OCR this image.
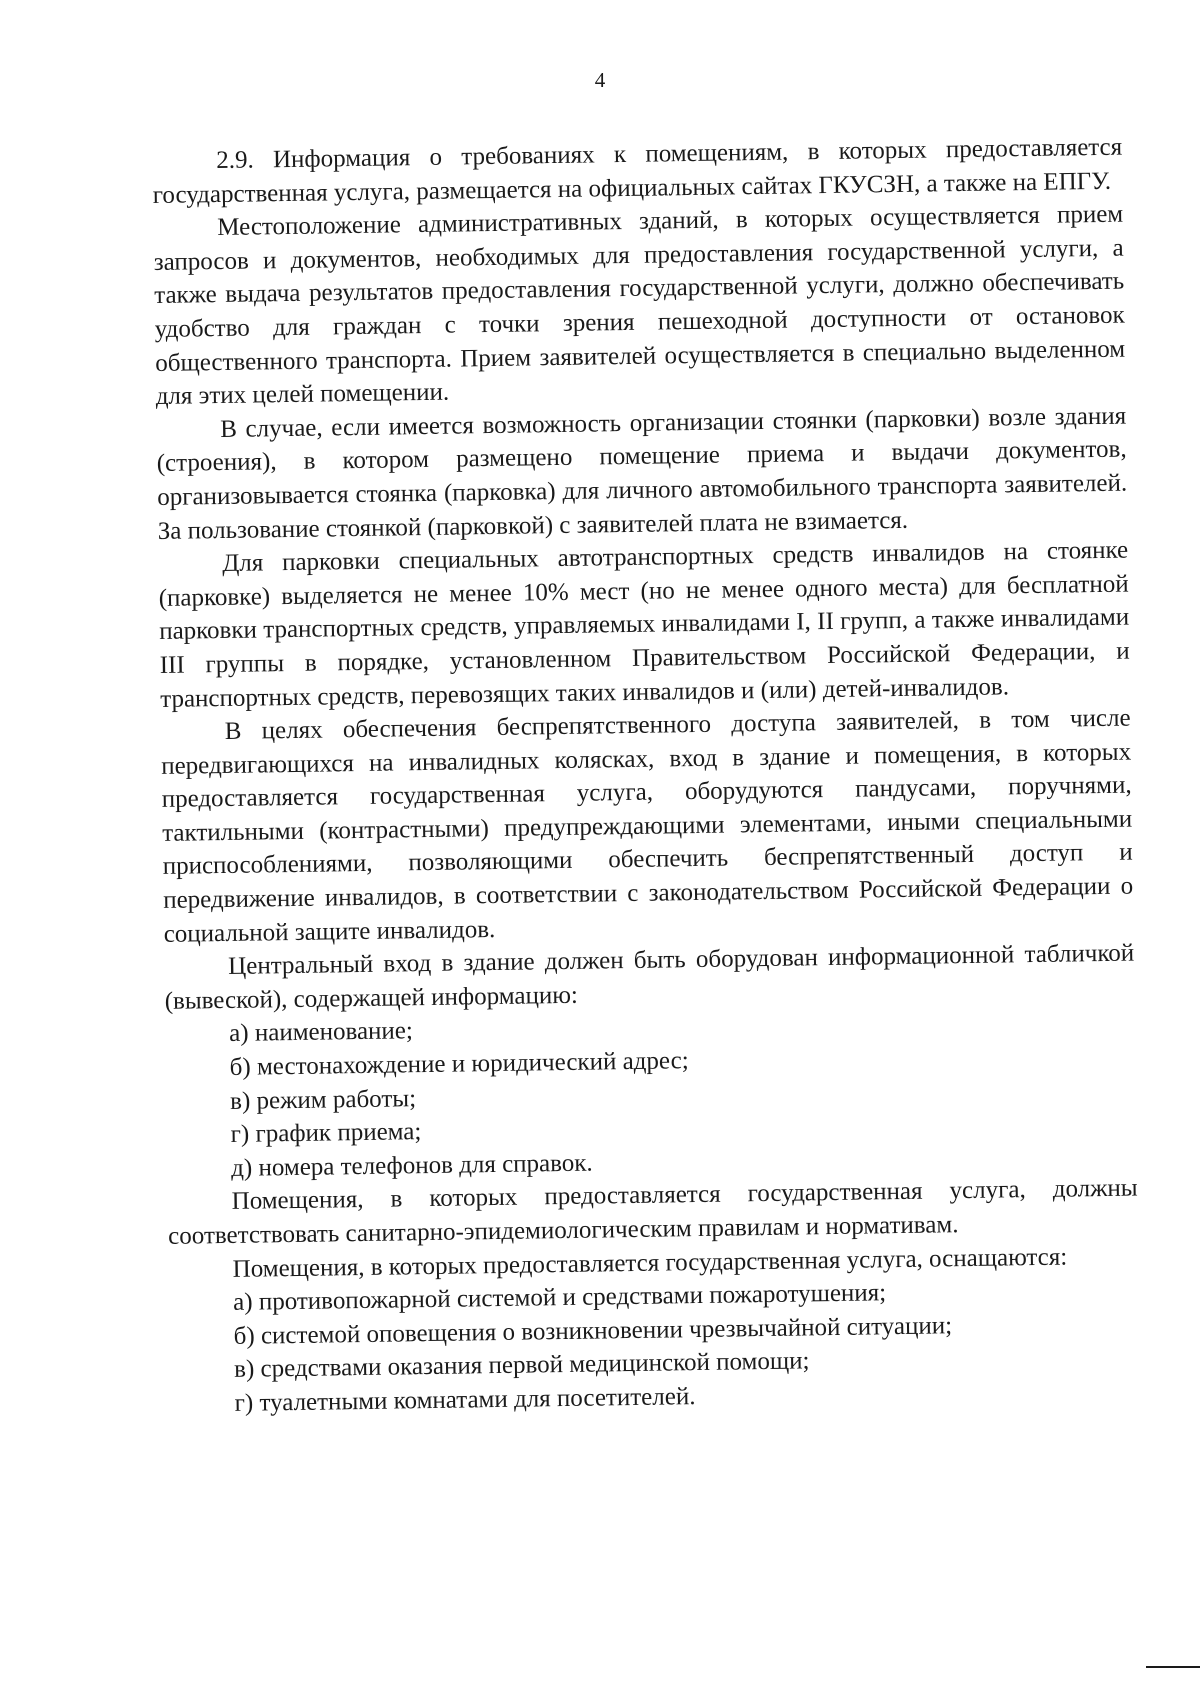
4

2.9. Информация о требованиях к помещениям, в которых предоставляется государственная услуга, размещается на официальных сайтах ГКУСЗН, а также на ЕПГУ.

Местоположение административных зданий, в которых осуществляется прием запросов и документов, необходимых для предоставления государственной услуги, а также выдача результатов предоставления государственной услуги, должно обеспечивать удобство для граждан с точки зрения пешеходной доступности от остановок общественного транспорта. Прием заявителей осуществляется в специально выделенном для этих целей помещении.

В случае, если имеется возможность организации стоянки (парковки) возле здания (строения), в котором размещено помещение приема и выдачи документов, организовывается стоянка (парковка) для личного автомобильного транспорта заявителей. За пользование стоянкой (парковкой) с заявителей плата не взимается.

Для парковки специальных автотранспортных средств инвалидов на стоянке (парковке) выделяется не менее 10% мест (но не менее одного места) для бесплатной парковки транспортных средств, управляемых инвалидами I, II групп, а также инвалидами III группы в порядке, установленном Правительством Российской Федерации, и транспортных средств, перевозящих таких инвалидов и (или) детей-инвалидов.

В целях обеспечения беспрепятственного доступа заявителей, в том числе передвигающихся на инвалидных колясках, вход в здание и помещения, в которых предоставляется государственная услуга, оборудуются пандусами, поручнями, тактильными (контрастными) предупреждающими элементами, иными специальными приспособлениями, позволяющими обеспечить беспрепятственный доступ и передвижение инвалидов, в соответствии с законодательством Российской Федерации о социальной защите инвалидов.

Центральный вход в здание должен быть оборудован информационной табличкой (вывеской), содержащей информацию:

а) наименование;

б) местонахождение и юридический адрес;

в) режим работы;

г) график приема;

д) номера телефонов для справок.

Помещения, в которых предоставляется государственная услуга, должны соответствовать санитарно-эпидемиологическим правилам и нормативам.

Помещения, в которых предоставляется государственная услуга, оснащаются:

а) противопожарной системой и средствами пожаротушения;

б) системой оповещения о возникновении чрезвычайной ситуации;

в) средствами оказания первой медицинской помощи;

г) туалетными комнатами для посетителей.
